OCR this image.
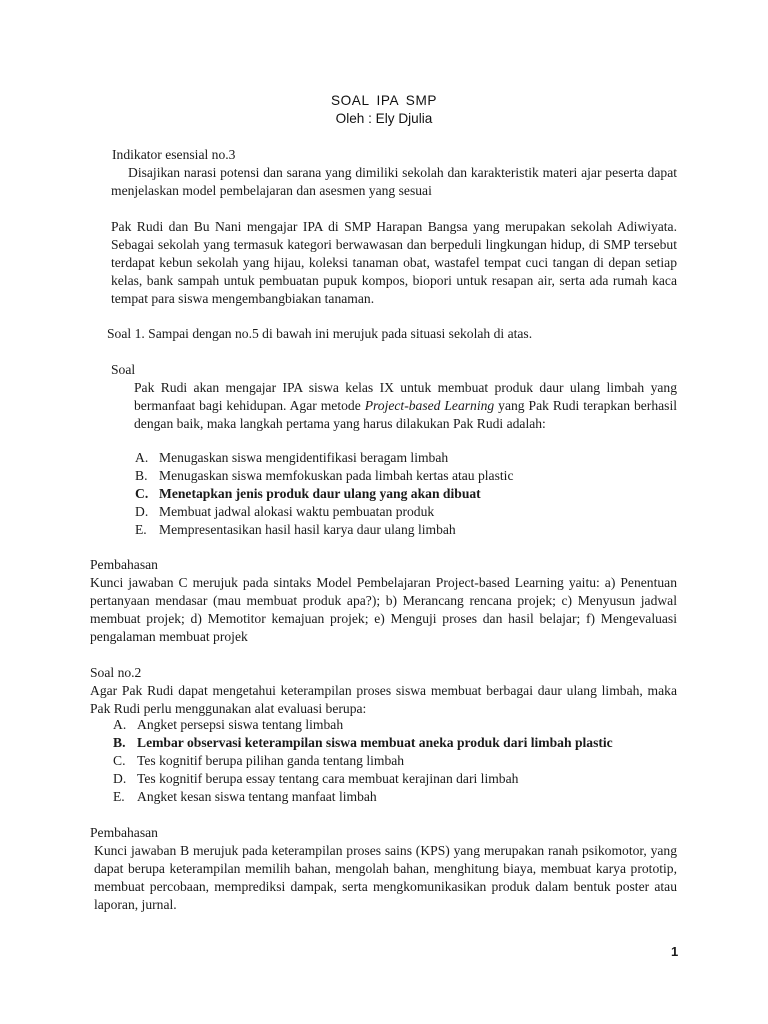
SOAL IPA SMP
Oleh : Ely Djulia
Indikator esensial no.3
Disajikan narasi potensi dan sarana yang dimiliki sekolah dan karakteristik materi ajar peserta dapat menjelaskan model pembelajaran dan asesmen yang sesuai
Pak Rudi dan Bu Nani mengajar IPA di SMP Harapan Bangsa yang merupakan sekolah Adiwiyata. Sebagai sekolah yang termasuk kategori berwawasan dan berpeduli lingkungan hidup, di SMP tersebut terdapat kebun sekolah yang hijau, koleksi tanaman obat, wastafel tempat cuci tangan di depan setiap kelas, bank sampah untuk pembuatan pupuk kompos, biopori untuk resapan air, serta ada rumah kaca tempat para siswa mengembangbiakan tanaman.
Soal 1. Sampai dengan no.5 di bawah ini merujuk pada situasi sekolah di atas.
Soal
Pak Rudi akan mengajar IPA siswa kelas IX untuk membuat produk daur ulang limbah yang bermanfaat bagi kehidupan. Agar metode Project-based Learning yang Pak Rudi terapkan berhasil dengan baik, maka langkah pertama yang harus dilakukan Pak Rudi adalah:
A. Menugaskan siswa mengidentifikasi beragam limbah
B. Menugaskan siswa memfokuskan pada limbah kertas atau plastic
C. Menetapkan jenis produk daur ulang yang akan dibuat
D. Membuat jadwal alokasi waktu pembuatan produk
E. Mempresentasikan hasil hasil karya daur ulang limbah
Pembahasan
Kunci jawaban C merujuk pada sintaks Model Pembelajaran Project-based Learning yaitu: a) Penentuan pertanyaan mendasar (mau membuat produk apa?); b) Merancang rencana projek; c) Menyusun jadwal membuat projek; d) Memotitor kemajuan projek; e) Menguji proses dan hasil belajar; f) Mengevaluasi pengalaman membuat projek
Soal no.2
Agar Pak Rudi dapat mengetahui keterampilan proses siswa membuat berbagai daur ulang limbah, maka Pak Rudi perlu menggunakan alat evaluasi berupa:
A. Angket persepsi siswa tentang limbah
B. Lembar observasi keterampilan siswa membuat aneka produk dari limbah plastic
C. Tes kognitif berupa pilihan ganda tentang limbah
D. Tes kognitif berupa essay tentang cara membuat kerajinan dari limbah
E. Angket kesan siswa tentang manfaat limbah
Pembahasan
Kunci jawaban B merujuk pada keterampilan proses sains (KPS) yang merupakan ranah psikomotor, yang dapat berupa keterampilan memilih bahan, mengolah bahan, menghitung biaya, membuat karya prototip, membuat percobaan, memprediksi dampak, serta mengkomunikasikan produk dalam bentuk poster atau laporan, jurnal.
1
